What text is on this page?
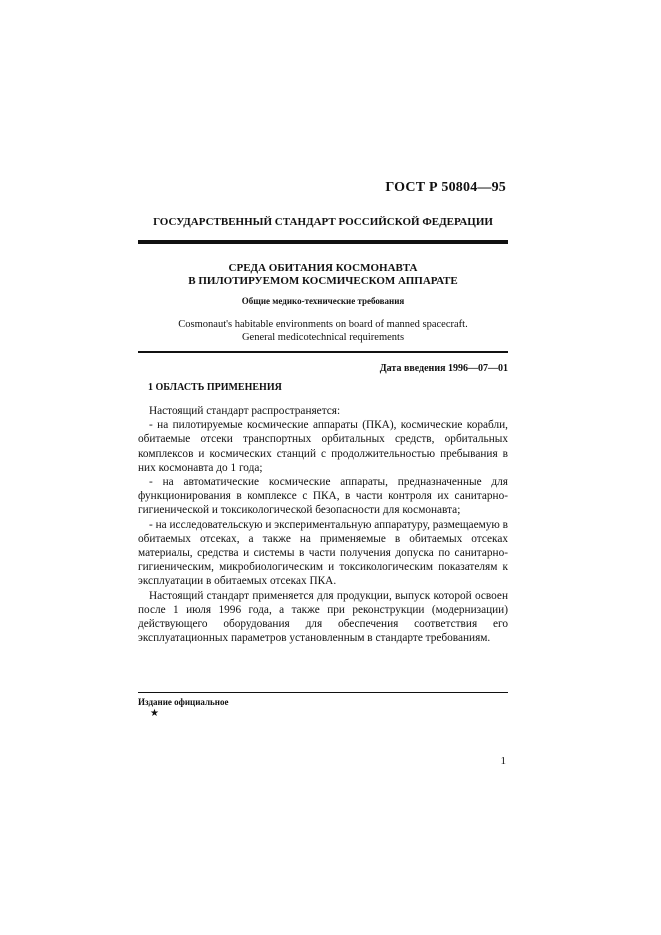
ГОСТ Р 50804—95
ГОСУДАРСТВЕННЫЙ СТАНДАРТ РОССИЙСКОЙ ФЕДЕРАЦИИ
СРЕДА ОБИТАНИЯ КОСМОНАВТА
В ПИЛОТИРУЕМОМ КОСМИЧЕСКОМ АППАРАТЕ
Общие медико-технические требования
Cosmonaut's habitable environments on board of manned spacecraft.
General medicotechnical requirements
Дата введения 1996—07—01
1 ОБЛАСТЬ ПРИМЕНЕНИЯ

Настоящий стандарт распространяется:

- на пилотируемые космические аппараты (ПКА), космические корабли, обитаемые отсеки транспортных орбитальных средств, орбитальных комплексов и космических станций с продолжительностью пребывания в них космонавта до 1 года;

- на автоматические космические аппараты, предназначенные для функционирования в комплексе с ПКА, в части контроля их санитарно-гигиенической и токсикологической безопасности для космонавта;

- на исследовательскую и экспериментальную аппаратуру, размещаемую в обитаемых отсеках, а также на применяемые в обитаемых отсеках материалы, средства и системы в части получения допуска по санитарно-гигиеническим, микробиологическим и токсикологическим показателям к эксплуатации в обитаемых отсеках ПКА.

Настоящий стандарт применяется для продукции, выпуск которой освоен после 1 июля 1996 года, а также при реконструкции (модернизации) действующего оборудования для обеспечения соответствия его эксплуатационных параметров установленным в стандарте требованиям.

Издание официальное
★
1
